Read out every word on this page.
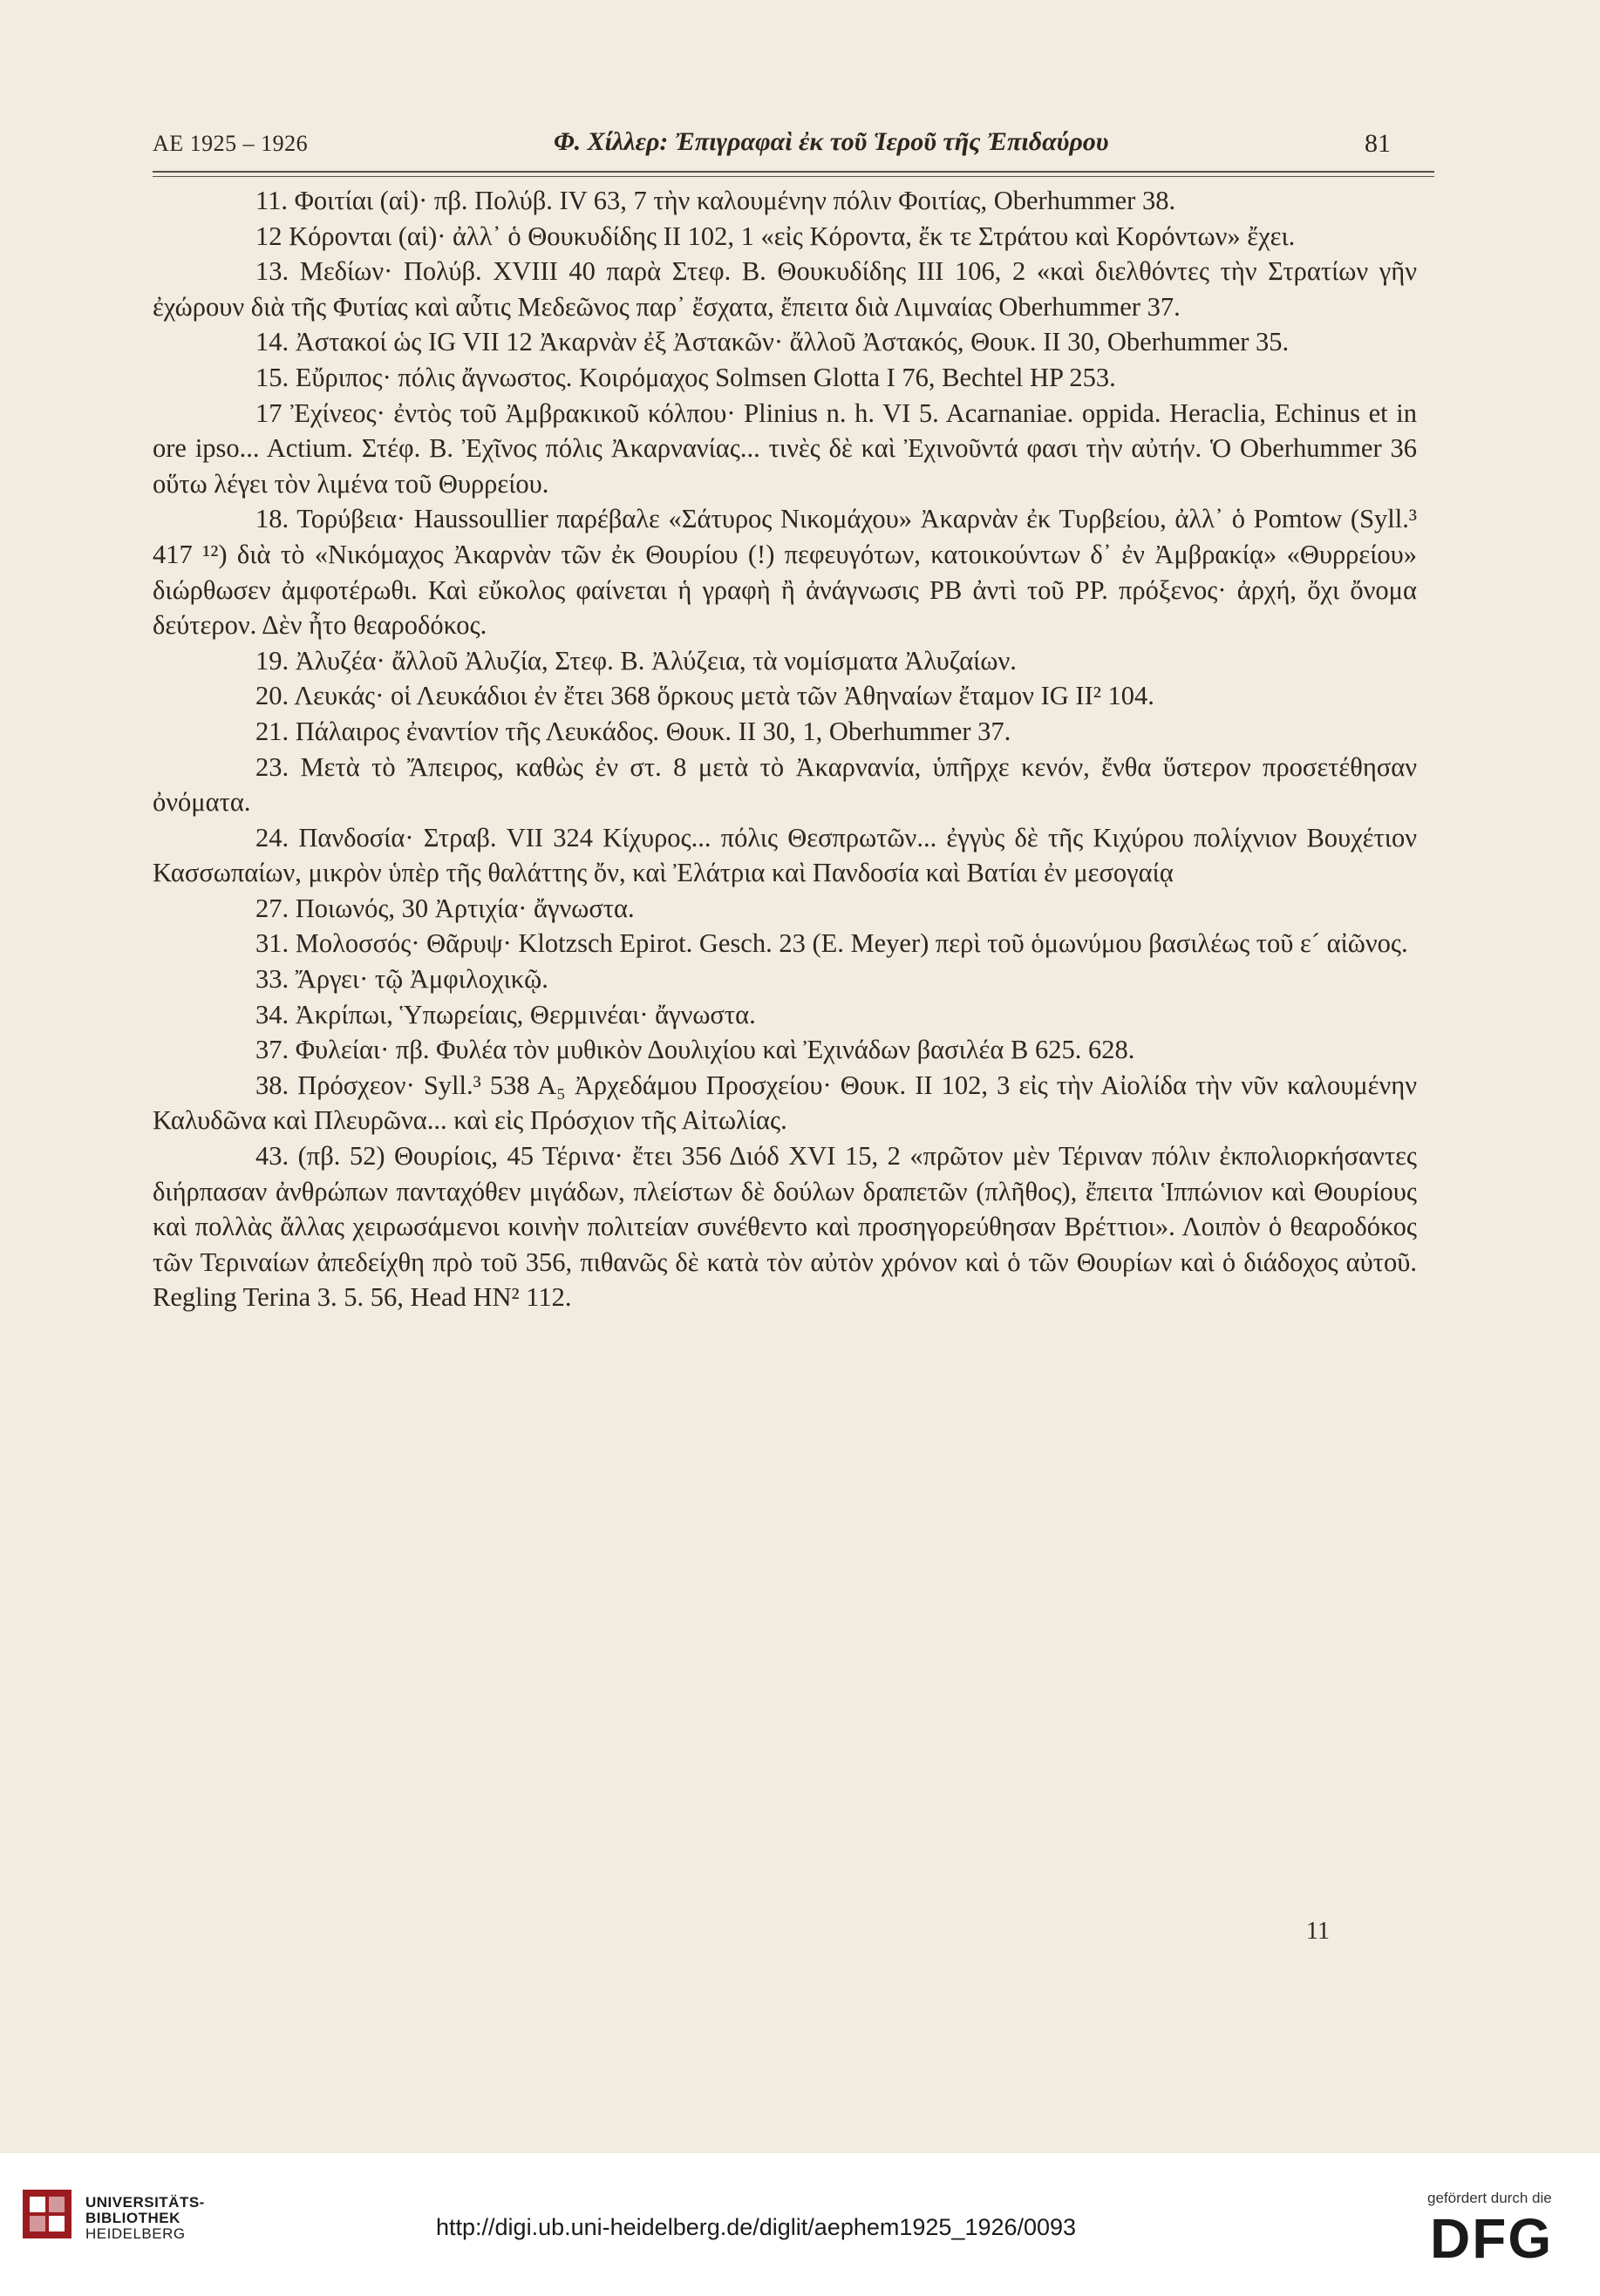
ΑΕ 1925 – 1926	Φ. Χίλλερ: Ἐπιγραφαὶ ἐκ τοῦ Ἱεροῦ τῆς Ἐπιδαύρου	81

11. Φοιτίαι (αἱ)· πβ. Πολύβ. IV 63, 7 τὴν καλουμένην πόλιν Φοιτίας, Oberhummer 38.

12 Κόρονται (αἱ)· ἀλλ᾽ ὁ Θουκυδίδης II 102, 1 «εἰς Κόροντα, ἔκ τε Στράτου καὶ Κορόντων» ἔχει.

13. Μεδίων· Πολύβ. XVIII 40 παρὰ Στεφ. Β. Θουκυδίδης III 106, 2 «καὶ διελθόντες τὴν Στρατίων γῆν ἐχώρουν διὰ τῆς Φυτίας καὶ αὖτις Μεδεῶνος παρ᾽ ἔσχατα, ἔπειτα διὰ Λιμναίας Oberhummer 37.

14. Ἀστακοί ὡς IG VII 12 Ἀκαρνὰν ἐξ Ἀστακῶν· ἄλλοῦ Ἀστακός, Θουκ. II 30, Oberhummer 35.

15. Εὔριπος· πόλις ἄγνωστος. Κοιρόμαχος Solmsen Glotta I 76, Bechtel HP 253.

17 Ἐχίνεος· ἐντὸς τοῦ Ἀμβρακικοῦ κόλπου· Plinius n. h. VI 5. Acarnaniae. oppida. Heraclia, Echinus et in ore ipso... Actium. Στέφ. Β. Ἐχῖνος πόλις Ἀκαρνανίας... τινὲς δὲ καὶ Ἐχινοῦντά φασι τὴν αὐτήν. Ὁ Oberhummer 36 οὕτω λέγει τὸν λιμένα τοῦ Θυρρείου.

18. Τορύβεια· Haussoullier παρέβαλε «Σάτυρος Νικομάχου» Ἀκαρνὰν ἐκ Τυρβείου, ἀλλ᾽ ὁ Pomtow (Syll.³ 417 ¹²) διὰ τὸ «Νικόμαχος Ἀκαρνὰν τῶν ἐκ Θουρίου (!) πεφευγότων, κατοικούντων δ᾽ ἐν Ἀμβρακίᾳ» «Θυρρείου» διώρθωσεν ἀμφοτέρωθι. Καὶ εὔκολος φαίνεται ἡ γραφὴ ἢ ἀνάγνωσις PB ἀντὶ τοῦ PP. πρόξενος· ἀρχή, ὄχι ὄνομα δεύτερον. Δὲν ἦτο θεαροδόκος.

19. Ἀλυζέα· ἄλλοῦ Ἀλυζία, Στεφ. Β. Ἀλύζεια, τὰ νομίσματα Ἀλυζαίων.

20. Λευκάς· οἱ Λευκάδιοι ἐν ἔτει 368 ὅρκους μετὰ τῶν Ἀθηναίων ἔταμον IG II² 104.

21. Πάλαιρος ἐναντίον τῆς Λευκάδος. Θουκ. II 30, 1, Oberhummer 37.

23. Μετὰ τὸ Ἄπειρος, καθὼς ἐν στ. 8 μετὰ τὸ Ἀκαρνανία, ὑπῆρχε κενόν, ἔνθα ὕστερον προσετέθησαν ὀνόματα.

24. Πανδοσία· Στραβ. VII 324 Κίχυρος... πόλις Θεσπρωτῶν... ἐγγὺς δὲ τῆς Κιχύρου πολίχνιον Βουχέτιον Κασσωπαίων, μικρὸν ὑπὲρ τῆς θαλάττης ὄν, καὶ Ἐλάτρια καὶ Πανδοσία καὶ Βατίαι ἐν μεσογαίᾳ

27. Ποιωνός, 30 Ἀρτιχία· ἄγνωστα.

31. Μολοσσός· Θᾶρυψ· Klotzsch Epirot. Gesch. 23 (E. Meyer) περὶ τοῦ ὁμωνύμου βασιλέως τοῦ ε´ αἰῶνος.

33. Ἄργει· τῷ Ἀμφιλοχικῷ.

34. Ἀκρίπωι, Ὑπωρείαις, Θερμινέαι· ἄγνωστα.

37. Φυλείαι· πβ. Φυλέα τὸν μυθικὸν Δουλιχίου καὶ Ἐχινάδων βασιλέα Β 625. 628.

38. Πρόσχεον· Syll.³ 538 A₅ Ἀρχεδάμου Προσχείου· Θουκ. II 102, 3 εἰς τὴν Αἰολίδα τὴν νῦν καλουμένην Καλυδῶνα καὶ Πλευρῶνα... καὶ εἰς Πρόσχιον τῆς Αἰτωλίας.

43. (πβ. 52) Θουρίοις, 45 Τέρινα· ἔτει 356 Διόδ XVI 15, 2 «πρῶτον μὲν Τέριναν πόλιν ἐκπολιορκήσαντες διήρπασαν ἀνθρώπων πανταχόθεν μιγάδων, πλείστων δὲ δούλων δραπετῶν (πλῆθος), ἔπειτα Ἱππώνιον καὶ Θουρίους καὶ πολλὰς ἄλλας χειρωσάμενοι κοινὴν πολιτείαν συνέθεντο καὶ προσηγορεύθησαν Βρέττιοι». Λοιπὸν ὁ θεαροδόκος τῶν Τεριναίων ἀπεδείχθη πρὸ τοῦ 356, πιθανῶς δὲ κατὰ τὸν αὐτὸν χρόνον καὶ ὁ τῶν Θουρίων καὶ ὁ διάδοχος αὐτοῦ. Regling Terina 3. 5. 56, Head HN² 112.

11
UNIVERSITÄTS-
BIBLIOTHEK
HEIDELBERG	http://digi.ub.uni-heidelberg.de/diglit/aephem1925_1926/0093
gefördert durch die
DFG
